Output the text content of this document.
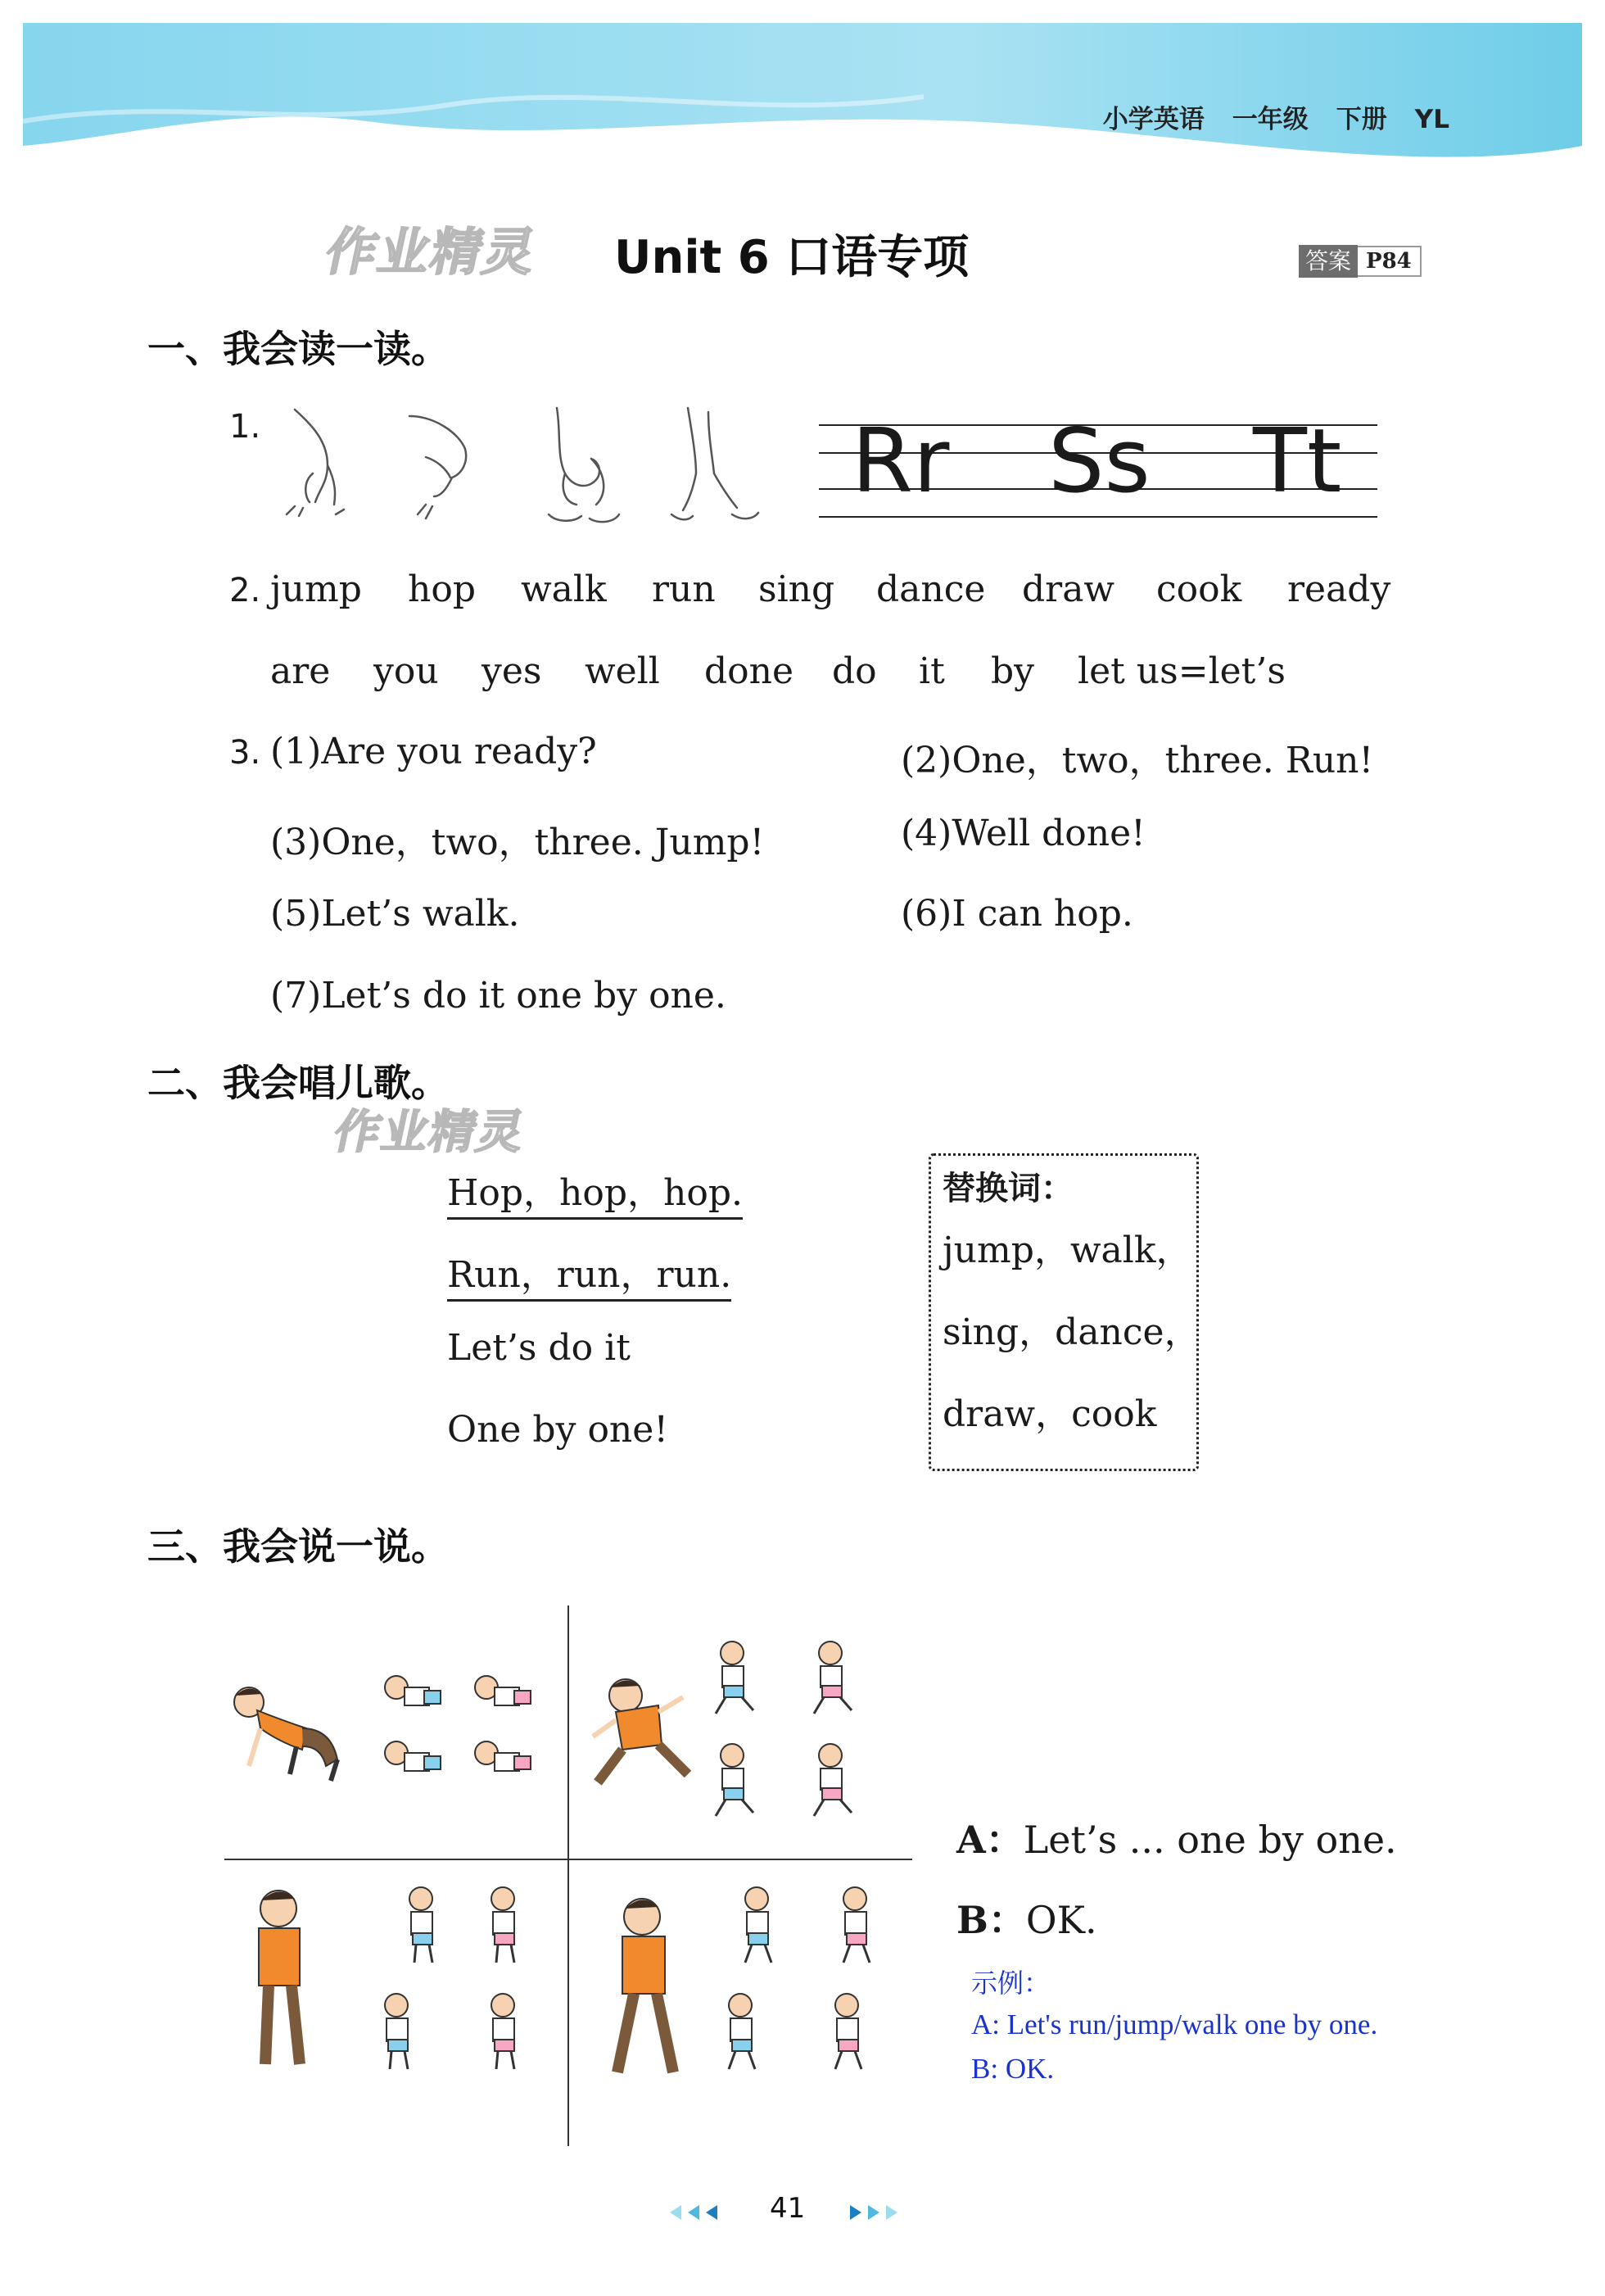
小学英语 一年级 下册 YL
作业精灵 Unit 6 口语专项	答案 P84
一、我会读一读。
1.	Rr Ss Tt
2. jump hop walk run sing dance draw cook ready
are you yes well done do it by let us=let’s
3. (1)Are you ready?	(2)One，two，three. Run!
(3)One，two，three. Jump!	(4)Well done!
(5)Let’s walk.	(6)I can hop.
(7)Let’s do it one by one.
二、我会唱儿歌。
作业精灵
Hop，hop，hop.
Run，run，run.
Let’s do it
One by one!
替换词：
jump，walk，
sing，dance，
draw，cook
三、我会说一说。
A：Let’s ... one by one.
B：OK.
示例：
A: Let's run/jump/walk one by one.
B: OK.
41
